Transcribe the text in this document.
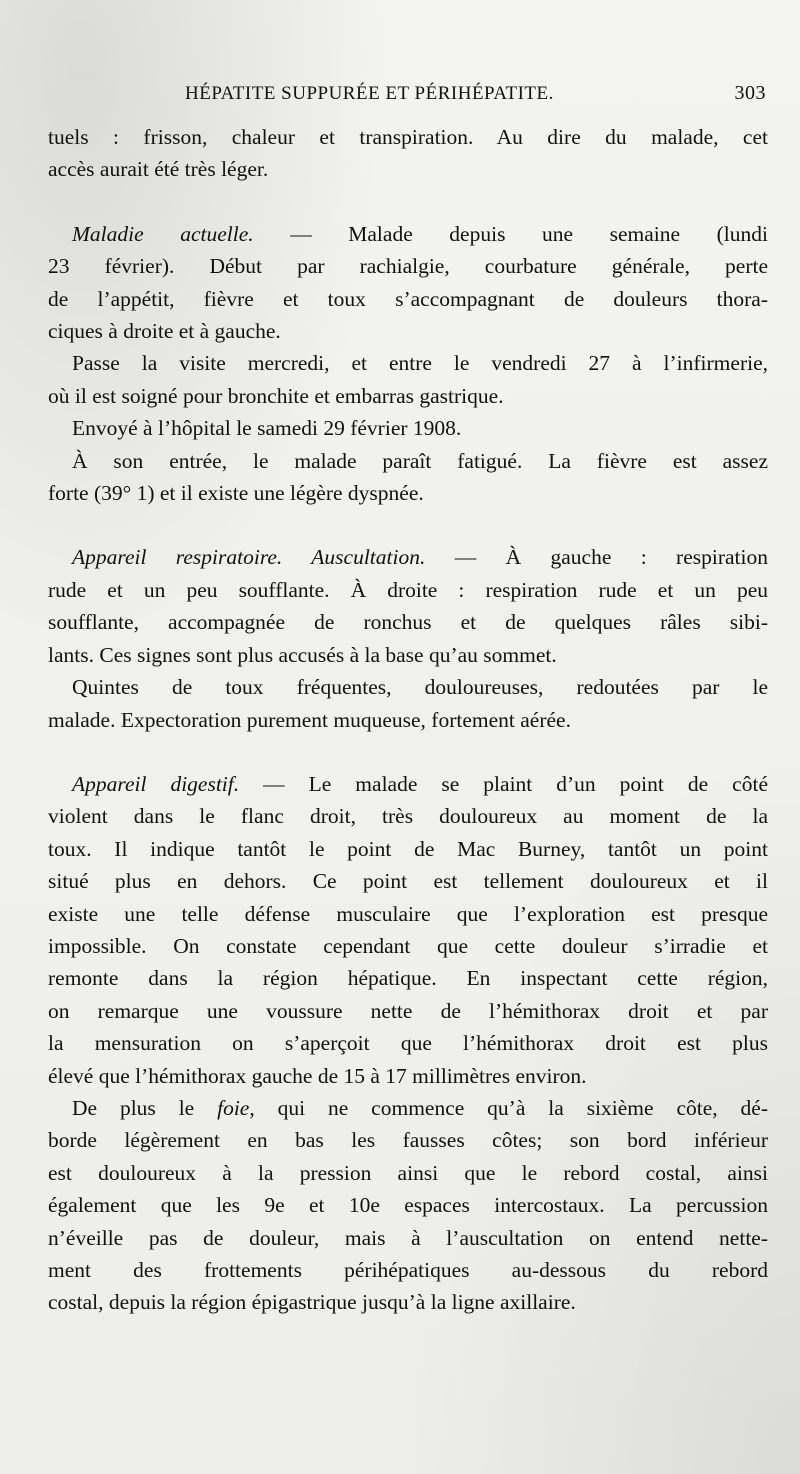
HÉPATITE SUPPURÉE ET PÉRIHÉPATITE.	303
tuels : frisson, chaleur et transpiration. Au dire du malade, cet
accès aurait été très léger.
Maladie actuelle. — Malade depuis une semaine (lundi
23 février). Début par rachialgie, courbature générale, perte
de l’appétit, fièvre et toux s’accompagnant de douleurs thora-
ciques à droite et à gauche.
Passe la visite mercredi, et entre le vendredi 27 à l’infirmerie,
où il est soigné pour bronchite et embarras gastrique.
Envoyé à l’hôpital le samedi 29 février 1908.
À son entrée, le malade paraît fatigué. La fièvre est assez
forte (39° 1) et il existe une légère dyspnée.
Appareil respiratoire. Auscultation. — À gauche : respiration
rude et un peu soufflante. À droite : respiration rude et un peu
soufflante, accompagnée de ronchus et de quelques râles sibi-
lants. Ces signes sont plus accusés à la base qu’au sommet.
Quintes de toux fréquentes, douloureuses, redoutées par le
malade. Expectoration purement muqueuse, fortement aérée.
Appareil digestif. — Le malade se plaint d’un point de côté
violent dans le flanc droit, très douloureux au moment de la
toux. Il indique tantôt le point de Mac Burney, tantôt un point
situé plus en dehors. Ce point est tellement douloureux et il
existe une telle défense musculaire que l’exploration est presque
impossible. On constate cependant que cette douleur s’irradie et
remonte dans la région hépatique. En inspectant cette région,
on remarque une voussure nette de l’hémithorax droit et par
la mensuration on s’aperçoit que l’hémithorax droit est plus
élevé que l’hémithorax gauche de 15 à 17 millimètres environ.
De plus le foie, qui ne commence qu’à la sixième côte, dé-
borde légèrement en bas les fausses côtes; son bord inférieur
est douloureux à la pression ainsi que le rebord costal, ainsi
également que les 9e et 10e espaces intercostaux. La percussion
n’éveille pas de douleur, mais à l’auscultation on entend nette-
ment des frottements périhépatiques au-dessous du rebord
costal, depuis la région épigastrique jusqu’à la ligne axillaire.
